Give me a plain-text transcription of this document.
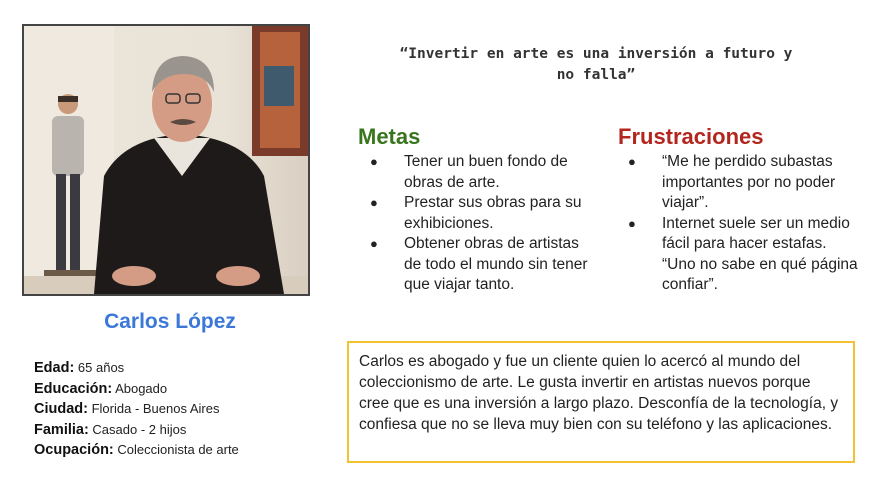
Carlos López
Edad: 65 años
Educación: Abogado
Ciudad: Florida - Buenos Aires
Familia: Casado - 2 hijos
Ocupación: Coleccionista de arte
“Invertir en arte es una inversión a futuro y no falla”
Metas
● Tener un buen fondo de obras de arte.
● Prestar sus obras para su exhibiciones.
● Obtener obras de artistas de todo el mundo sin tener que viajar tanto.
Frustraciones
● “Me he perdido subastas importantes por no poder viajar”.
● Internet suele ser un medio fácil para hacer estafas. “Uno no sabe en qué página confiar”.
Carlos es abogado y fue un cliente quien lo acercó al mundo del coleccionismo de arte. Le gusta invertir en artistas nuevos porque cree que es una inversión a largo plazo. Desconfía de la tecnología, y confiesa que no se lleva muy bien con su teléfono y las aplicaciones.
